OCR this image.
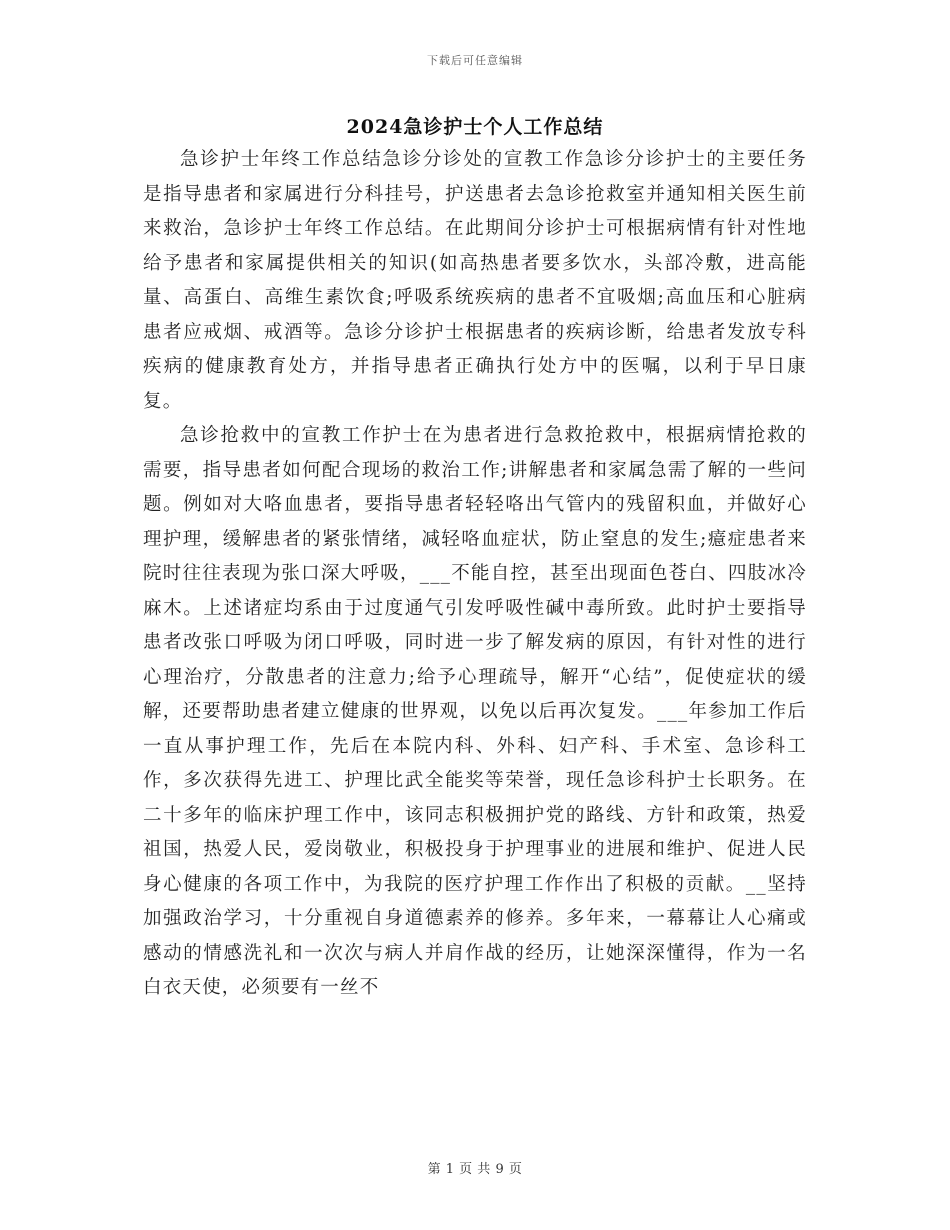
下载后可任意编辑
2024急诊护士个人工作总结

急诊护士年终工作总结急诊分诊处的宣教工作急诊分诊护士的主要任务是指导患者和家属进行分科挂号，护送患者去急诊抢救室并通知相关医生前来救治，急诊护士年终工作总结。在此期间分诊护士可根据病情有针对性地给予患者和家属提供相关的知识(如高热患者要多饮水，头部冷敷，进高能量、高蛋白、高维生素饮食;呼吸系统疾病的患者不宜吸烟;高血压和心脏病患者应戒烟、戒酒等。急诊分诊护士根据患者的疾病诊断，给患者发放专科疾病的健康教育处方，并指导患者正确执行处方中的医嘱，以利于早日康复。

急诊抢救中的宣教工作护士在为患者进行急救抢救中，根据病情抢救的需要，指导患者如何配合现场的救治工作;讲解患者和家属急需了解的一些问题。例如对大咯血患者，要指导患者轻轻咯出气管内的残留积血，并做好心理护理，缓解患者的紧张情绪，减轻咯血症状，防止窒息的发生;癔症患者来院时往往表现为张口深大呼吸，___不能自控，甚至出现面色苍白、四肢冰冷麻木。上述诸症均系由于过度通气引发呼吸性碱中毒所致。此时护士要指导患者改张口呼吸为闭口呼吸，同时进一步了解发病的原因，有针对性的进行心理治疗，分散患者的注意力;给予心理疏导，解开“心结”，促使症状的缓解，还要帮助患者建立健康的世界观，以免以后再次复发。___年参加工作后一直从事护理工作，先后在本院内科、外科、妇产科、手术室、急诊科工作，多次获得先进工、护理比武全能奖等荣誉，现任急诊科护士长职务。在二十多年的临床护理工作中，该同志积极拥护党的路线、方针和政策，热爱祖国，热爱人民，爱岗敬业，积极投身于护理事业的进展和维护、促进人民身心健康的各项工作中，为我院的医疗护理工作作出了积极的贡献。__坚持加强政治学习，十分重视自身道德素养的修养。多年来，一幕幕让人心痛或感动的情感洗礼和一次次与病人并肩作战的经历，让她深深懂得，作为一名白衣天使，必须要有一丝不

第 1 页 共 9 页
